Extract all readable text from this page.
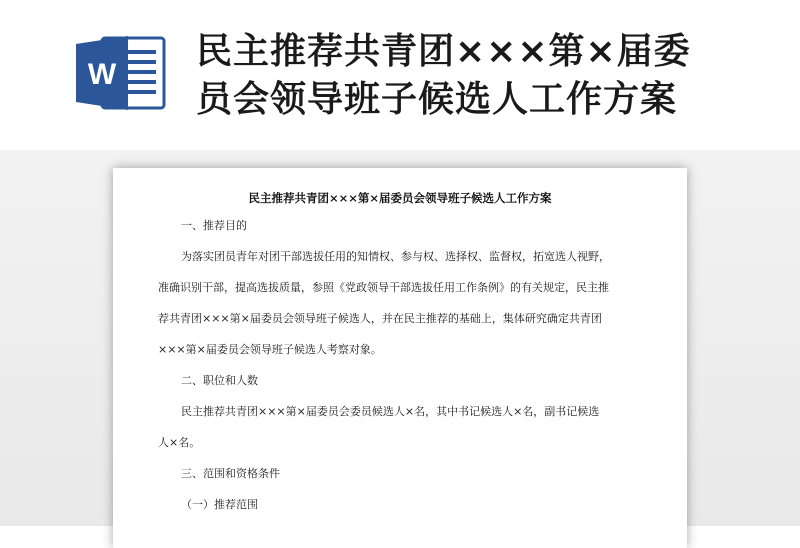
W
民主推荐共青团×××第×届委
员会领导班子候选人工作方案

民主推荐共青团×××第×届委员会领导班子候选人工作方案

一、推荐目的

为落实团员青年对团干部选拔任用的知情权、参与权、选择权、监督权，拓宽选人视野，
准确识别干部，提高选拔质量，参照《党政领导干部选拔任用工作条例》的有关规定，民主推
荐共青团×××第×届委员会领导班子候选人，并在民主推荐的基础上，集体研究确定共青团
×××第×届委员会领导班子候选人考察对象。

二、职位和人数

民主推荐共青团×××第×届委员会委员候选人×名，其中书记候选人×名，副书记候选
人×名。

三、范围和资格条件

（一）推荐范围
